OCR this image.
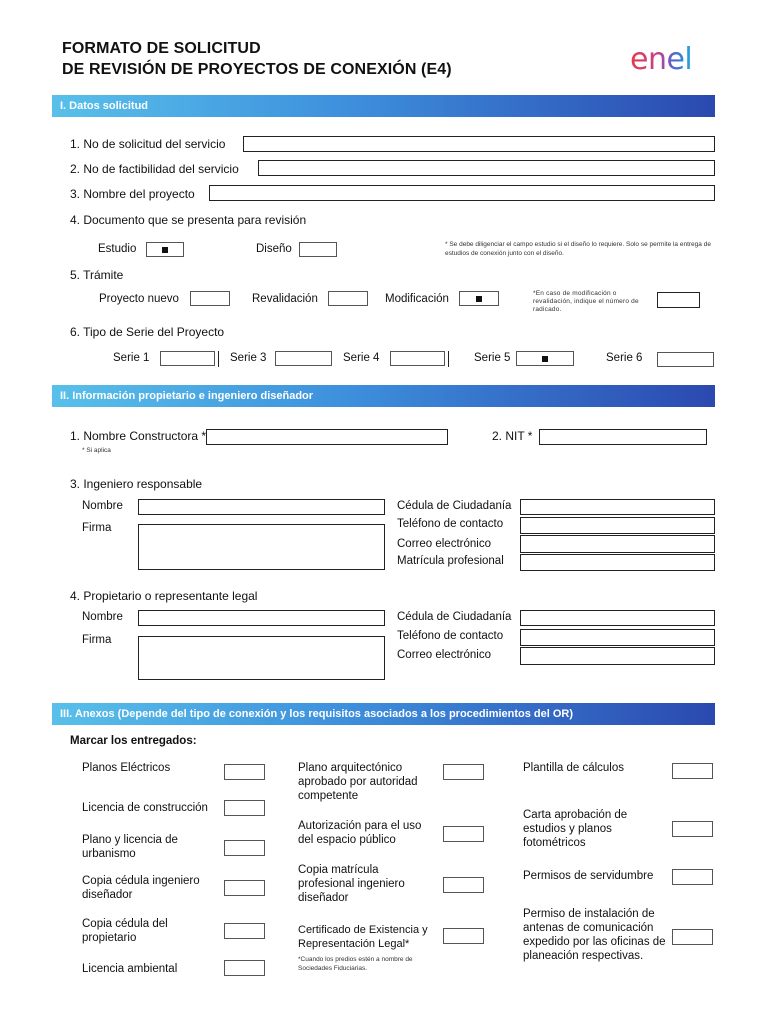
FORMATO DE SOLICITUD
DE REVISIÓN DE PROYECTOS DE CONEXIÓN (E4)	enel
I. Datos solicitud
1. No de solicitud del servicio
2. No de factibilidad del servicio
3. Nombre del proyecto
4. Documento que se presenta para revisión
Estudio	Diseño	* Se debe diligenciar el campo estudio si el diseño lo requiere. Solo se permite la entrega de estudios de conexión junto con el diseño.
5. Trámite
Proyecto nuevo	Revalidación	Modificación	*En caso de modificación o revalidación, indique el número de radicado.
6. Tipo de Serie del Proyecto
Serie 1	Serie 3	Serie 4	Serie 5	Serie 6
II. Información propietario e ingeniero diseñador
1. Nombre Constructora *
* Si aplica
2. NIT *
3. Ingeniero responsable
Nombre
Firma
Cédula de Ciudadanía
Teléfono de contacto
Correo electrónico
Matrícula profesional
4. Propietario o representante legal
Nombre
Firma
Cédula de Ciudadanía
Teléfono de contacto
Correo electrónico
III. Anexos (Depende del tipo de conexión y los requisitos asociados a los procedimientos del OR)
Marcar los entregados:
Planos Eléctricos
Licencia de construcción
Plano y licencia de urbanismo
Copia cédula ingeniero diseñador
Copia cédula del propietario
Licencia ambiental
Plano arquitectónico aprobado por autoridad competente
Autorización para el uso del espacio público
Copia matrícula profesional ingeniero diseñador
Certificado de Existencia y Representación Legal*
*Cuando los predios estén a nombre de Sociedades Fiduciarias.
Plantilla de cálculos
Carta aprobación de estudios y planos fotométricos
Permisos de servidumbre
Permiso de instalación de antenas de comunicación expedido por las oficinas de planeación respectivas.
